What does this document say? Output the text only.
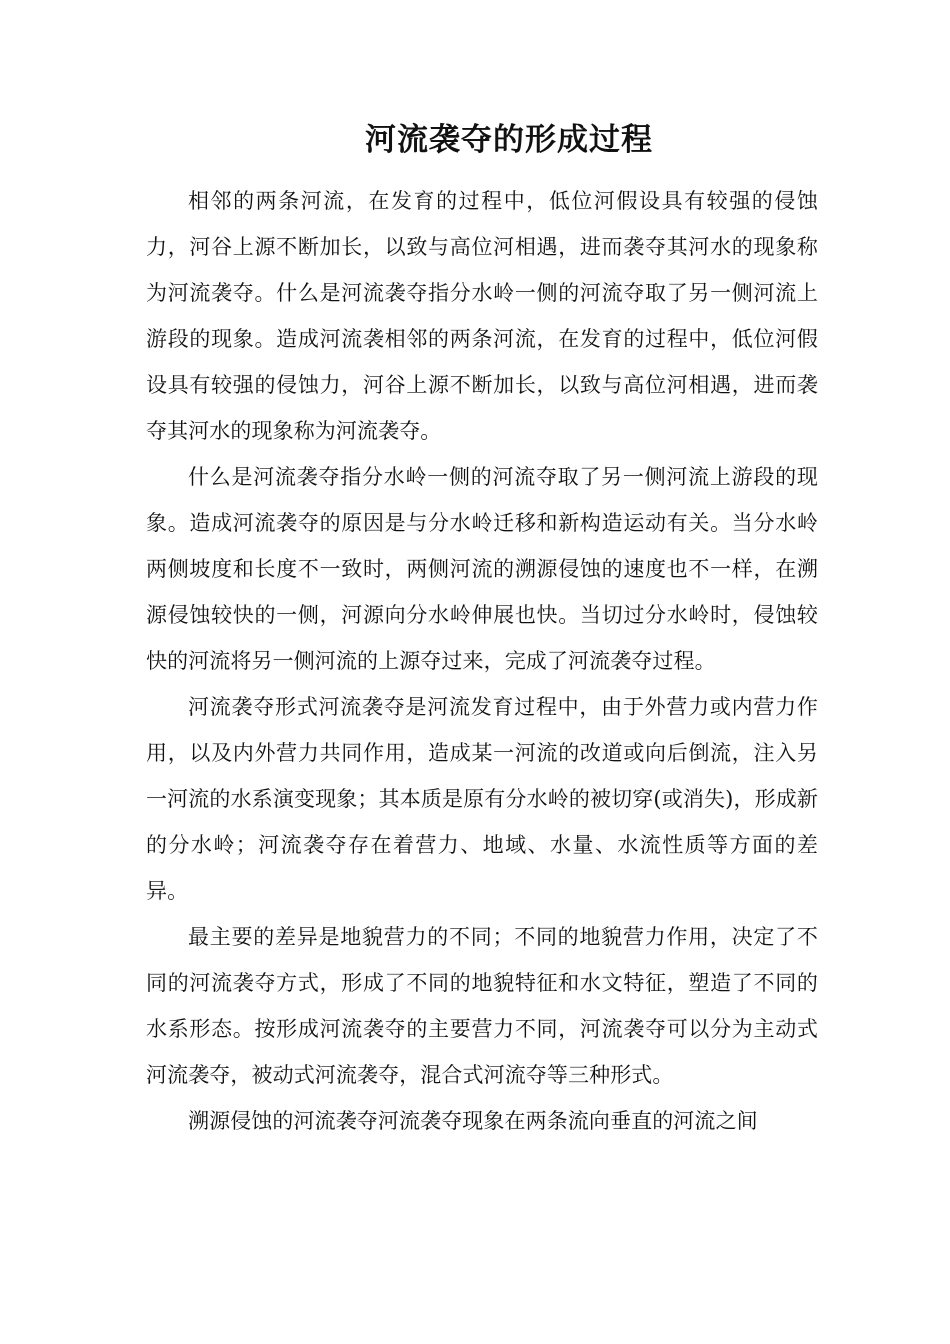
河流袭夺的形成过程

相邻的两条河流，在发育的过程中，低位河假设具有较强的侵蚀力，河谷上源不断加长，以致与高位河相遇，进而袭夺其河水的现象称为河流袭夺。什么是河流袭夺指分水岭一侧的河流夺取了另一侧河流上游段的现象。造成河流袭相邻的两条河流，在发育的过程中，低位河假设具有较强的侵蚀力，河谷上源不断加长，以致与高位河相遇，进而袭夺其河水的现象称为河流袭夺。

什么是河流袭夺指分水岭一侧的河流夺取了另一侧河流上游段的现象。造成河流袭夺的原因是与分水岭迁移和新构造运动有关。当分水岭两侧坡度和长度不一致时，两侧河流的溯源侵蚀的速度也不一样，在溯源侵蚀较快的一侧，河源向分水岭伸展也快。当切过分水岭时，侵蚀较快的河流将另一侧河流的上源夺过来，完成了河流袭夺过程。

河流袭夺形式河流袭夺是河流发育过程中，由于外营力或内营力作用，以及内外营力共同作用，造成某一河流的改道或向后倒流，注入另一河流的水系演变现象；其本质是原有分水岭的被切穿(或消失)，形成新的分水岭；河流袭夺存在着营力、地域、水量、水流性质等方面的差异。

最主要的差异是地貌营力的不同；不同的地貌营力作用，决定了不同的河流袭夺方式，形成了不同的地貌特征和水文特征，塑造了不同的水系形态。按形成河流袭夺的主要营力不同，河流袭夺可以分为主动式河流袭夺，被动式河流袭夺，混合式河流夺等三种形式。

溯源侵蚀的河流袭夺河流袭夺现象在两条流向垂直的河流之间
